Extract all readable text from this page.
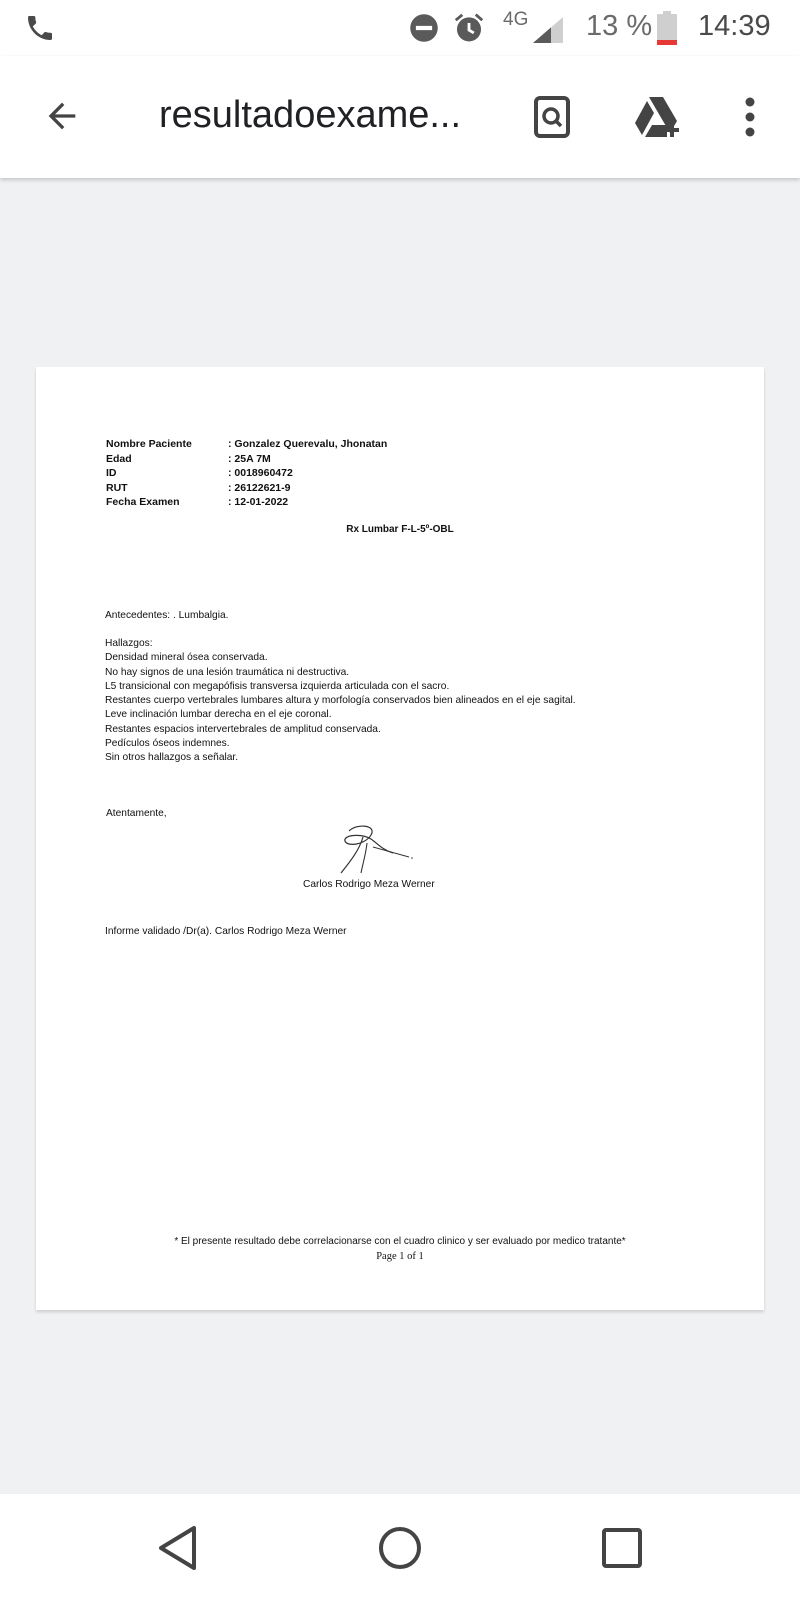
4G 13 % 14:39
resultadoexame...
Nombre Paciente	: Gonzalez Querevalu, Jhonatan
Edad	: 25A 7M
ID	: 0018960472
RUT	: 26122621-9
Fecha Examen	: 12-01-2022
Rx Lumbar F-L-5º-OBL
Antecedentes: . Lumbalgia.
Hallazgos:
Densidad mineral ósea conservada.
No hay signos de una lesión traumática ni destructiva.
L5 transicional con megapófisis transversa izquierda articulada con el sacro.
Restantes cuerpo vertebrales lumbares altura y morfología conservados bien alineados en el eje sagital.
Leve inclinación lumbar derecha en el eje coronal.
Restantes espacios intervertebrales de amplitud conservada.
Pedículos óseos indemnes.
Sin otros hallazgos a señalar.
Atentamente,
Carlos Rodrigo Meza Werner
Informe validado /Dr(a). Carlos Rodrigo Meza Werner
* El presente resultado debe correlacionarse con el cuadro clinico y ser evaluado por medico tratante*
Page 1 of 1
